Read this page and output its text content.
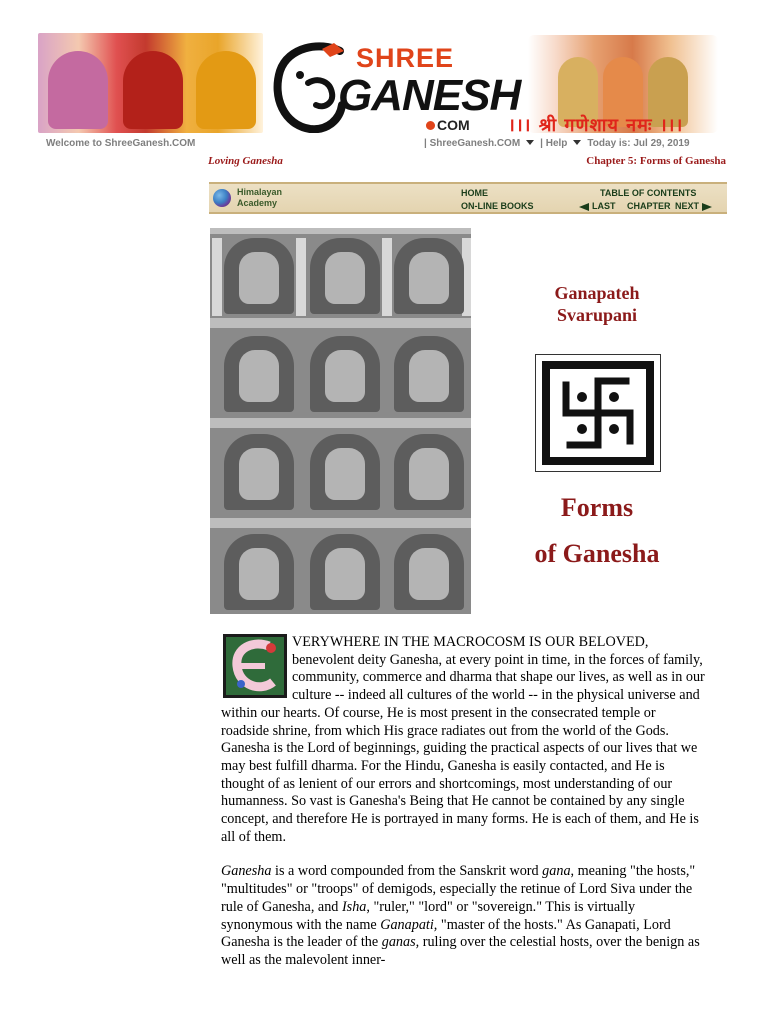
SHREE
GANESH
COM ।।। श्री गणेशाय नमः ।।।
Welcome to ShreeGanesh.COM	| ShreeGanesh.COM | Help Today is: Jul 29, 2019
Loving Ganesha	Chapter 5: Forms of Ganesha
Himalayan
Academy
HOME
ON-LINE BOOKS
TABLE OF CONTENTS
LAST CHAPTER NEXT
Ganapateh
Svarupani
Forms
of Ganesha

VERYWHERE IN THE MACROCOSM IS OUR BELOVED, benevolent deity Ganesha, at every point in time, in the forces of family, community, commerce and dharma that shape our lives, as well as in our culture -- indeed all cultures of the world -- in the physical universe and within our hearts. Of course, He is most present in the consecrated temple or roadside shrine, from which His grace radiates out from the world of the Gods. Ganesha is the Lord of beginnings, guiding the practical aspects of our lives that we may best fulfill dharma. For the Hindu, Ganesha is easily contacted, and He is thought of as lenient of our errors and shortcomings, most understanding of our humanness. So vast is Ganesha's Being that He cannot be contained by any single concept, and therefore He is portrayed in many forms. He is each of them, and He is all of them.

Ganesha is a word compounded from the Sanskrit word gana, meaning "the hosts," "multitudes" or "troops" of demigods, especially the retinue of Lord Siva under the rule of Ganesha, and Isha, "ruler," "lord" or "sovereign." This is virtually synonymous with the name Ganapati, "master of the hosts." As Ganapati, Lord Ganesha is the leader of the ganas, ruling over the celestial hosts, over the benign as well as the malevolent inner-
